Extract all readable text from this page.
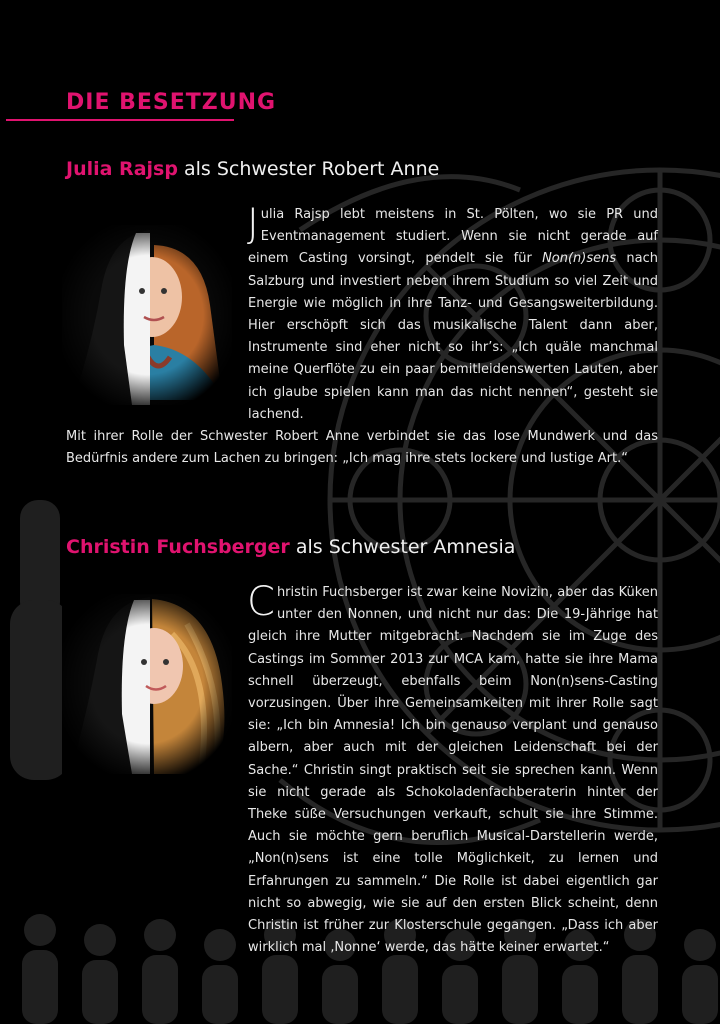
DIE BESETZUNG
Julia Rajsp als Schwester Robert Anne
Julia Rajsp lebt meistens in St. Pölten, wo sie PR und Eventmanagement studiert. Wenn sie nicht gerade auf einem Casting vorsingt, pendelt sie für Non(n)sens nach Salzburg und investiert neben ihrem Studium so viel Zeit und Energie wie möglich in ihre Tanz- und Gesangsweiterbildung. Hier erschöpft sich das musikalische Talent dann aber, Instrumente sind eher nicht so ihr’s: „Ich quäle manchmal meine Querflöte zu ein paar bemitleidenswerten Lauten, aber ich glaube spielen kann man das nicht nennen“, gesteht sie lachend.

Mit ihrer Rolle der Schwester Robert Anne verbindet sie das lose Mundwerk und das Bedürfnis andere zum Lachen zu bringen: „Ich mag ihre stets lockere und lustige Art.“

Christin Fuchsberger als Schwester Amnesia
Christin Fuchsberger ist zwar keine Novizin, aber das Küken unter den Nonnen, und nicht nur das: Die 19-Jährige hat gleich ihre Mutter mitgebracht. Nachdem sie im Zuge des Castings im Sommer 2013 zur MCA kam, hatte sie ihre Mama schnell überzeugt, ebenfalls beim Non(n)sens-Casting vorzusingen. Über ihre Gemeinsamkeiten mit ihrer Rolle sagt sie: „Ich bin Amnesia! Ich bin genauso verplant und genauso albern, aber auch mit der gleichen Leidenschaft bei der Sache.“ Christin singt praktisch seit sie sprechen kann. Wenn sie nicht gerade als Schokoladenfachberaterin hinter der Theke süße Versuchungen verkauft, schult sie ihre Stimme. Auch sie möchte gern beruflich Musical-Darstellerin werde, „Non(n)sens ist eine tolle Möglichkeit, zu lernen und Erfahrungen zu sammeln.“ Die Rolle ist dabei eigentlich gar nicht so abwegig, wie sie auf den ersten Blick scheint, denn Christin ist früher zur Klosterschule gegangen. „Dass ich aber wirklich mal ‚Nonne‘ werde, das hätte keiner erwartet.“
